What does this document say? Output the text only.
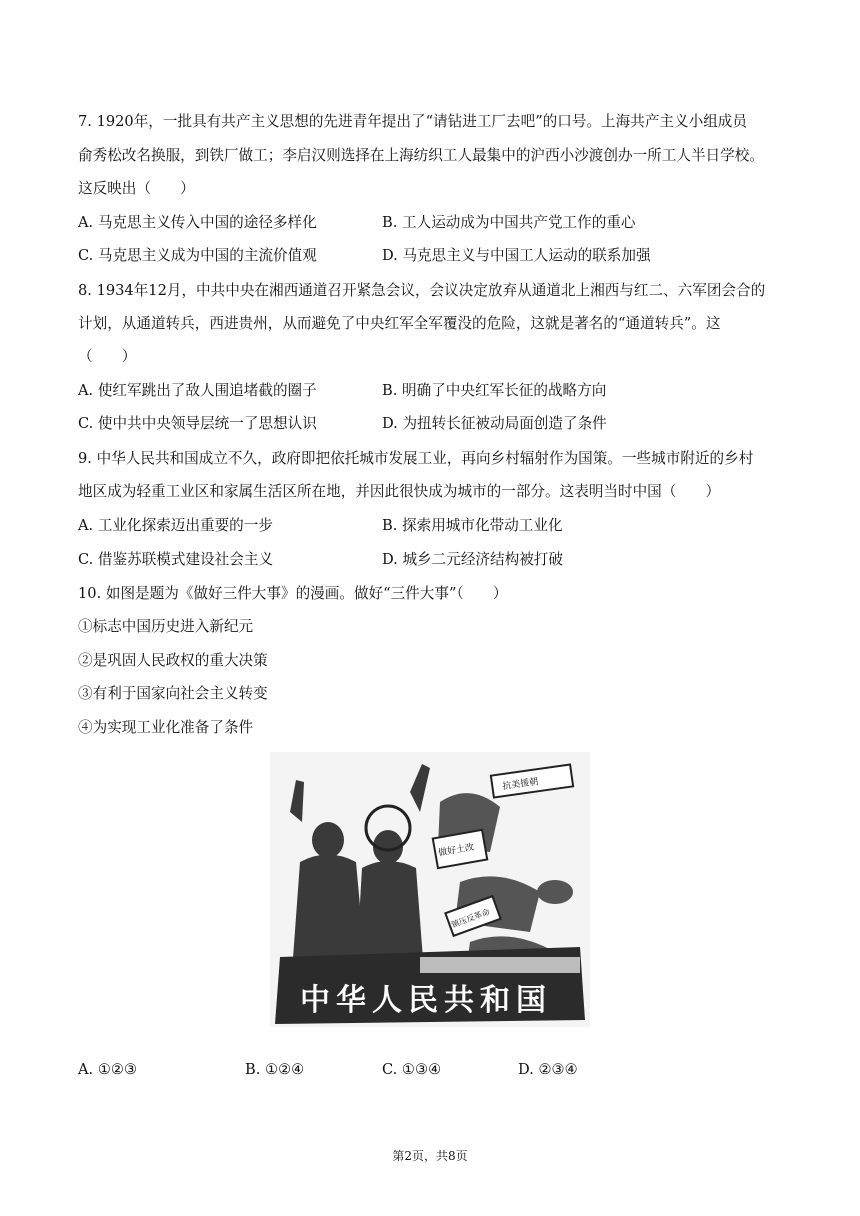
7. 1920年，一批具有共产主义思想的先进青年提出了“请钻进工厂去吧”的口号。上海共产主义小组成员
俞秀松改名换服，到铁厂做工；李启汉则选择在上海纺织工人最集中的沪西小沙渡创办一所工人半日学校。
这反映出（　　）
A. 马克思主义传入中国的途径多样化	B. 工人运动成为中国共产党工作的重心
C. 马克思主义成为中国的主流价值观	D. 马克思主义与中国工人运动的联系加强
8. 1934年12月，中共中央在湘西通道召开紧急会议，会议决定放弃从通道北上湘西与红二、六军团会合的
计划，从通道转兵，西进贵州，从而避免了中央红军全军覆没的危险，这就是著名的“通道转兵”。这
（　　）
A. 使红军跳出了敌人围追堵截的圈子	B. 明确了中央红军长征的战略方向
C. 使中共中央领导层统一了思想认识	D. 为扭转长征被动局面创造了条件
9. 中华人民共和国成立不久，政府即把依托城市发展工业，再向乡村辐射作为国策。一些城市附近的乡村
地区成为轻重工业区和家属生活区所在地，并因此很快成为城市的一部分。这表明当时中国（　　）
A. 工业化探索迈出重要的一步	B. 探索用城市化带动工业化
C. 借鉴苏联模式建设社会主义	D. 城乡二元经济结构被打破
10. 如图是题为《做好三件大事》的漫画。做好“三件大事”（　　）
①标志中国历史进入新纪元
②是巩固人民政权的重大决策
③有利于国家向社会主义转变
④为实现工业化准备了条件
抗美援朝
做好土改
镇压反革命
中华人民共和国
A. ①②③	B. ①②④	C. ①③④	D. ②③④
第2页，共8页
